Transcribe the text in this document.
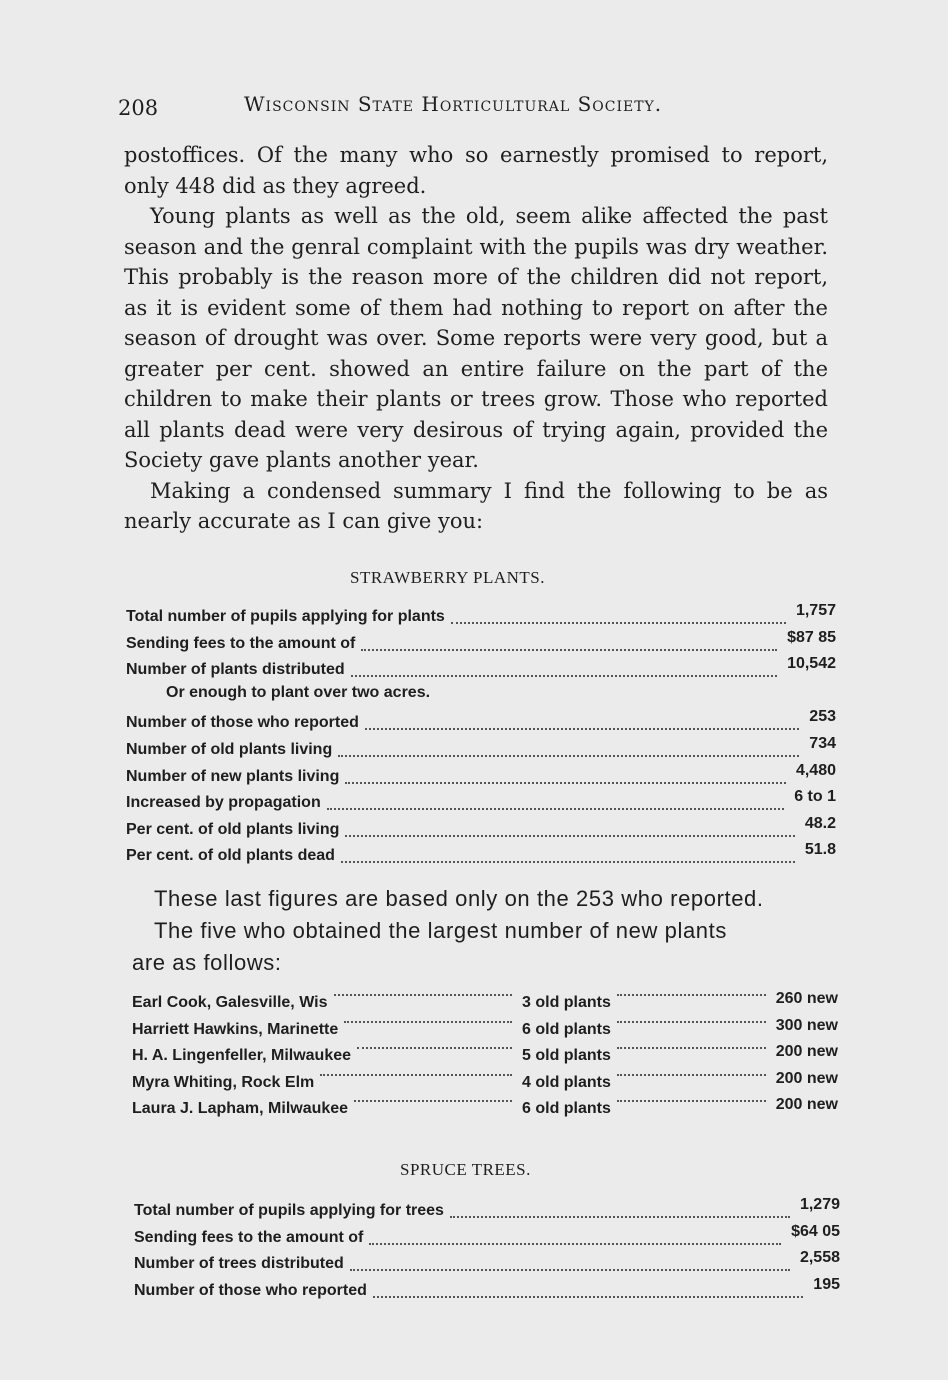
208	Wisconsin State Horticultural Society.

postoffices. Of the many who so earnestly promised to report, only 448 did as they agreed.

Young plants as well as the old, seem alike affected the past season and the genral complaint with the pupils was dry weather. This probably is the reason more of the children did not report, as it is evident some of them had nothing to report on after the season of drought was over. Some reports were very good, but a greater per cent. showed an entire failure on the part of the children to make their plants or trees grow. Those who reported all plants dead were very desirous of trying again, provided the Society gave plants another year.

Making a condensed summary I find the following to be as nearly accurate as I can give you:

STRAWBERRY PLANTS.
Total number of pupils applying for plants	1,757
Sending fees to the amount of	$87 85
Number of plants distributed	10,542
Or enough to plant over two acres.
Number of those who reported	253
Number of old plants living	734
Number of new plants living	4,480
Increased by propagation	6 to 1
Per cent. of old plants living	48.2
Per cent. of old plants dead	51.8

These last figures are based only on the 253 who reported.

The five who obtained the largest number of new plants

are as follows:

Earl Cook, Galesville, Wis	3 old plants	260 new
Harriett Hawkins, Marinette	6 old plants	300 new
H. A. Lingenfeller, Milwaukee	5 old plants	200 new
Myra Whiting, Rock Elm	4 old plants	200 new
Laura J. Lapham, Milwaukee	6 old plants	200 new
SPRUCE TREES.
Total number of pupils applying for trees	1,279
Sending fees to the amount of	$64 05
Number of trees distributed	2,558
Number of those who reported	195
